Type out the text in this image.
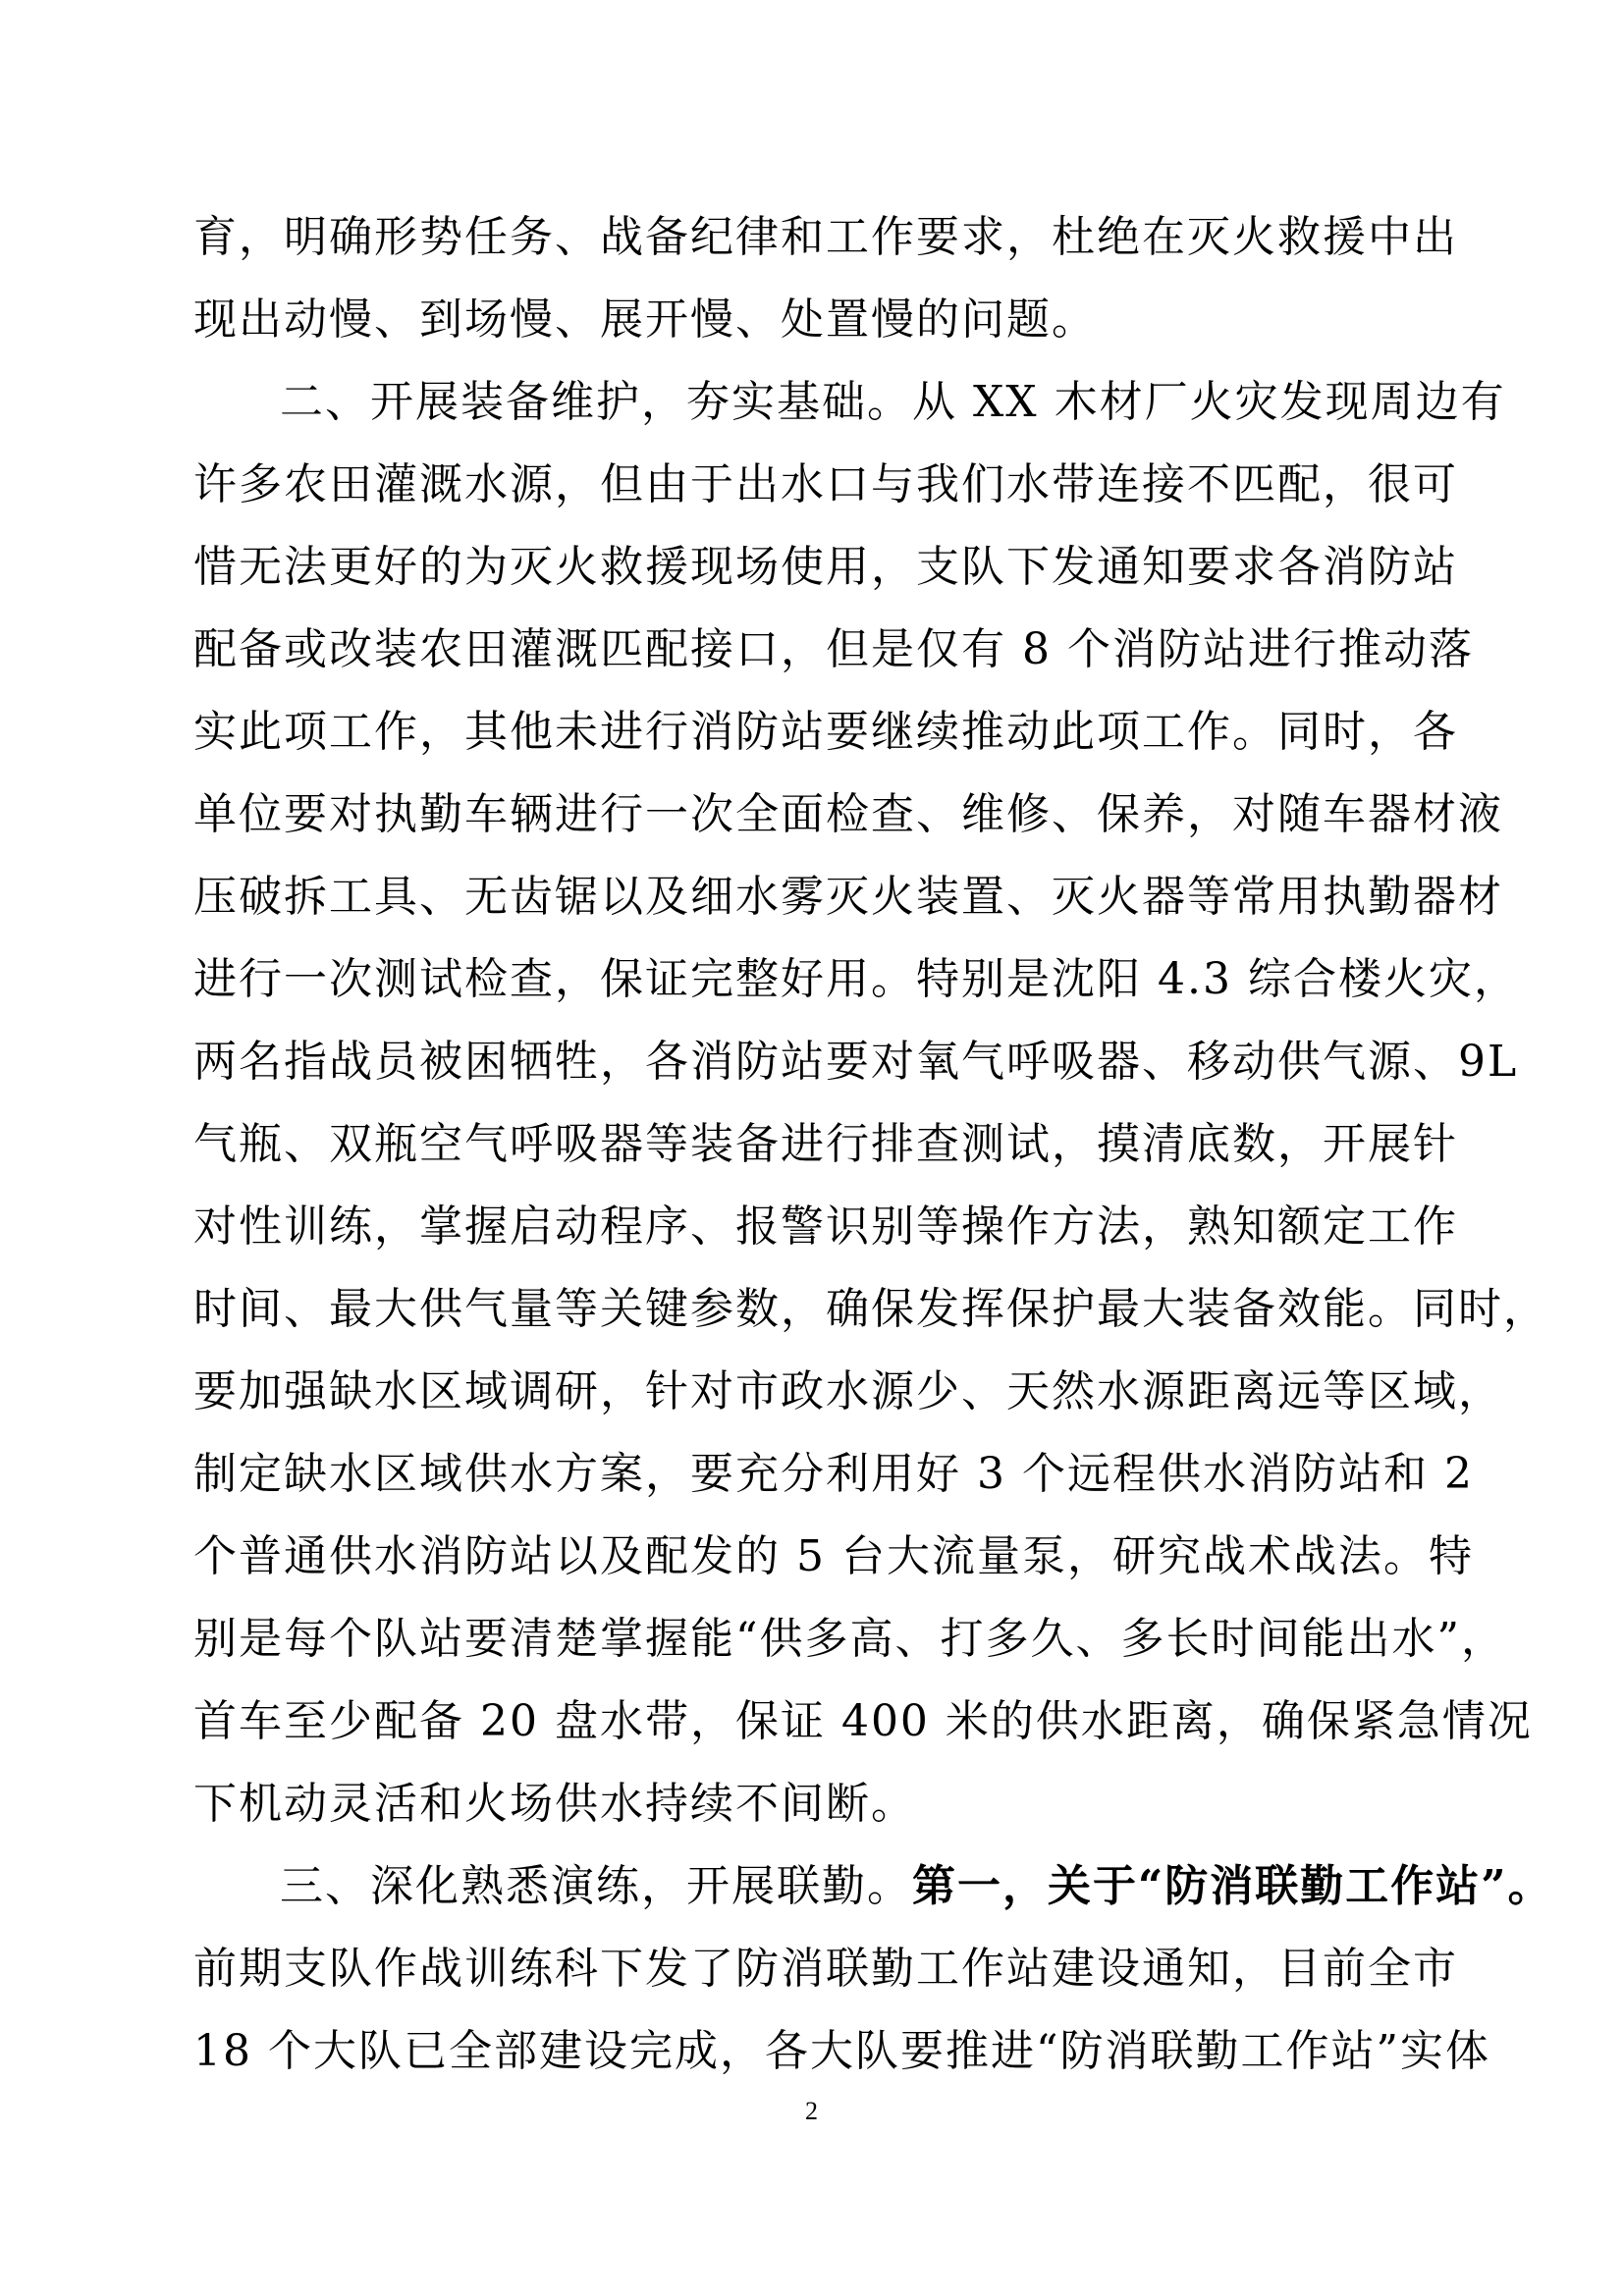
育，明确形势任务、战备纪律和工作要求，杜绝在灭火救援中出
现出动慢、到场慢、展开慢、处置慢的问题。
二、开展装备维护，夯实基础。从 XX 木材厂火灾发现周边有
许多农田灌溉水源，但由于出水口与我们水带连接不匹配，很可
惜无法更好的为灭火救援现场使用，支队下发通知要求各消防站
配备或改装农田灌溉匹配接口，但是仅有 8 个消防站进行推动落
实此项工作，其他未进行消防站要继续推动此项工作。同时，各
单位要对执勤车辆进行一次全面检查、维修、保养，对随车器材液
压破拆工具、无齿锯以及细水雾灭火装置、灭火器等常用执勤器材
进行一次测试检查，保证完整好用。特别是沈阳 4.3 综合楼火灾，
两名指战员被困牺牲，各消防站要对氧气呼吸器、移动供气源、9L
气瓶、双瓶空气呼吸器等装备进行排查测试，摸清底数，开展针
对性训练，掌握启动程序、报警识别等操作方法，熟知额定工作
时间、最大供气量等关键参数，确保发挥保护最大装备效能。同时，
要加强缺水区域调研，针对市政水源少、天然水源距离远等区域，
制定缺水区域供水方案，要充分利用好 3 个远程供水消防站和 2
个普通供水消防站以及配发的 5 台大流量泵，研究战术战法。特
别是每个队站要清楚掌握能“供多高、打多久、多长时间能出水”，
首车至少配备 20 盘水带，保证 400 米的供水距离，确保紧急情况
下机动灵活和火场供水持续不间断。
三、深化熟悉演练，开展联勤。第一，关于“防消联勤工作站”。
前期支队作战训练科下发了防消联勤工作站建设通知，目前全市
18 个大队已全部建设完成，各大队要推进“防消联勤工作站”实体
2
